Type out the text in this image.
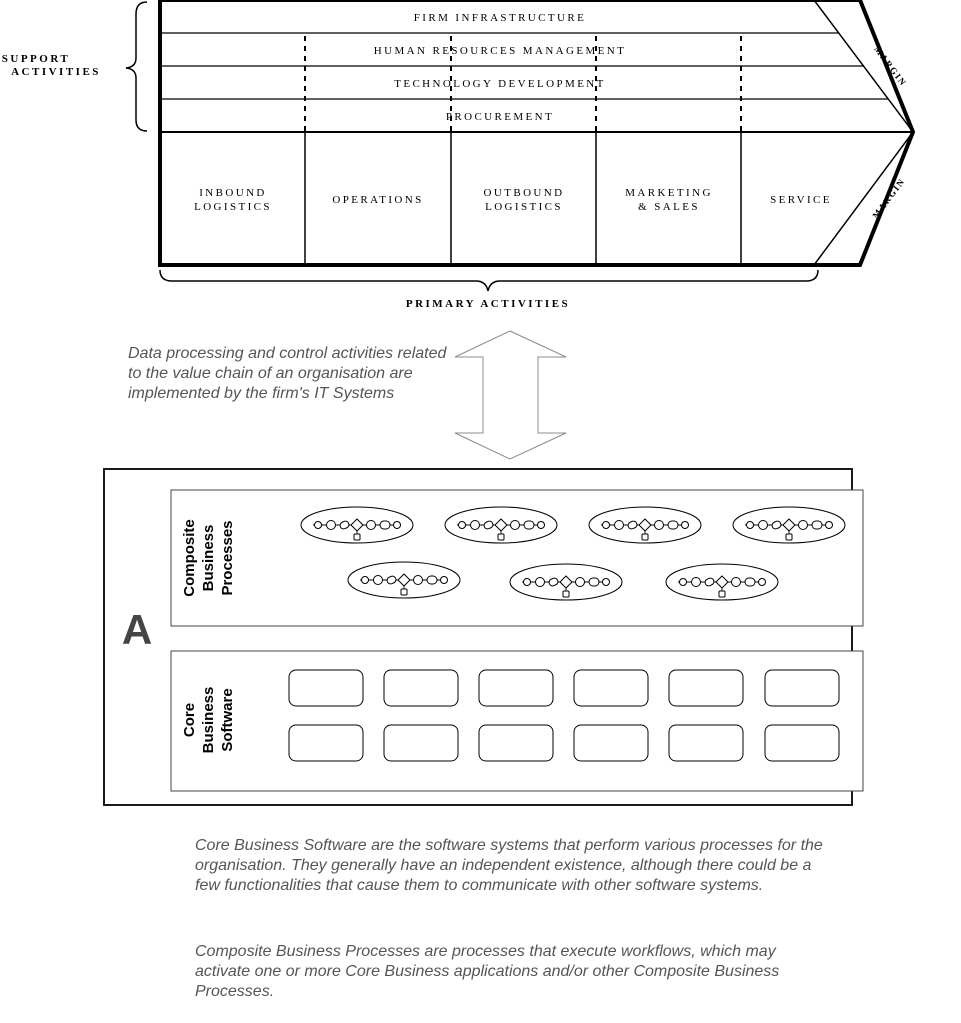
SUPPORT
ACTIVITIES
FIRM INFRASTRUCTURE
HUMAN RESOURCES MANAGEMENT
TECHNOLOGY DEVELOPMENT
PROCUREMENT
INBOUND
LOGISTICS
OPERATIONS
OUTBOUND
LOGISTICS
MARKETING
& SALES
SERVICE
MARGIN
MARGIN
PRIMARY ACTIVITIES
A
Composite Business Processes
Core Business Software

Data processing and control activities related to the value chain of an organisation are implemented by the firm's IT Systems

Core Business Software are the software systems that perform various processes for the organisation. They generally have an independent existence, although there could be a few functionalities that cause them to communicate with other software systems.

Composite Business Processes are processes that execute workflows, which may activate one or more Core Business applications and/or other Composite Business Processes.
